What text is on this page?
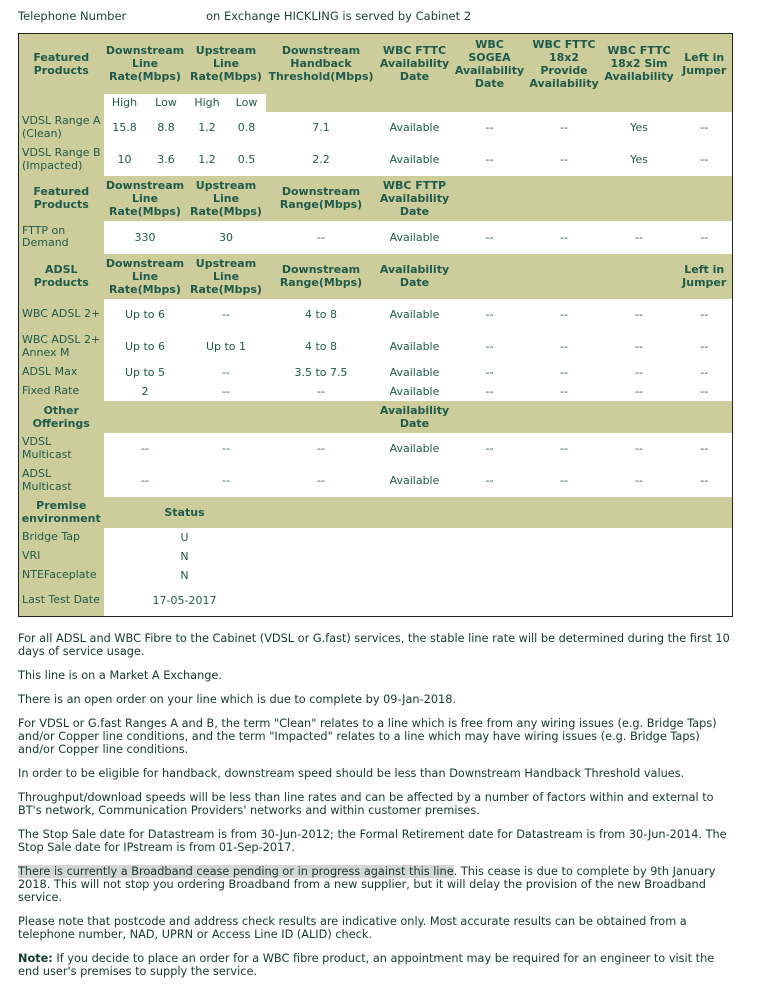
Telephone Number	on Exchange HICKLING is served by Cabinet 2
Featured Products	Downstream Line Rate(Mbps)		Upstream Line Rate(Mbps)		Downstream Handback Threshold(Mbps)	WBC FTTC Availability Date	WBC SOGEA Availability Date	WBC FTTC 18x2 Provide Availability	WBC FTTC 18x2 Sim Availability	Left in Jumper
	High	Low	High	Low						
VDSL Range A (Clean)	15.8	8.8	1.2	0.8	7.1	Available	--	--	Yes	--
VDSL Range B (Impacted)	10	3.6	1.2	0.5	2.2	Available	--	--	Yes	--
Featured Products	Downstream Line Rate(Mbps)		Upstream Line Rate(Mbps)		Downstream Range(Mbps)	WBC FTTP Availability Date				
FTTP on Demand	330		30		--	Available	--	--	--	--
ADSL Products	Downstream Line Rate(Mbps)		Upstream Line Rate(Mbps)		Downstream Range(Mbps)	Availability Date				Left in Jumper
WBC ADSL 2+	Up to 6		--		4 to 8	Available	--	--	--	--
WBC ADSL 2+ Annex M	Up to 6		Up to 1		4 to 8	Available	--	--	--	--
ADSL Max	Up to 5		--		3.5 to 7.5	Available	--	--	--	--
Fixed Rate	2		--		--	Available	--	--	--	--
Other Offerings						Availability Date				
VDSL Multicast	--		--		--	Available	--	--	--	--
ADSL Multicast	--		--		--	Available	--	--	--	--
Premise environment	Status									
Bridge Tap	U									
VRI	N									
NTEFaceplate	N									
Last Test Date	17-05-2017									

For all ADSL and WBC Fibre to the Cabinet (VDSL or G.fast) services, the stable line rate will be determined during the first 10 days of service usage.

This line is on a Market A Exchange.

There is an open order on your line which is due to complete by 09-Jan-2018.

For VDSL or G.fast Ranges A and B, the term "Clean" relates to a line which is free from any wiring issues (e.g. Bridge Taps) and/or Copper line conditions, and the term "Impacted" relates to a line which may have wiring issues (e.g. Bridge Taps) and/or Copper line conditions.

In order to be eligible for handback, downstream speed should be less than Downstream Handback Threshold values.

Throughput/download speeds will be less than line rates and can be affected by a number of factors within and external to BT's network, Communication Providers' networks and within customer premises.

The Stop Sale date for Datastream is from 30-Jun-2012; the Formal Retirement date for Datastream is from 30-Jun-2014. The Stop Sale date for IPstream is from 01-Sep-2017.

There is currently a Broadband cease pending or in progress against this line. This cease is due to complete by 9th January 2018. This will not stop you ordering Broadband from a new supplier, but it will delay the provision of the new Broadband service.

Please note that postcode and address check results are indicative only. Most accurate results can be obtained from a telephone number, NAD, UPRN or Access Line ID (ALID) check.

Note: If you decide to place an order for a WBC fibre product, an appointment may be required for an engineer to visit the end user's premises to supply the service.
